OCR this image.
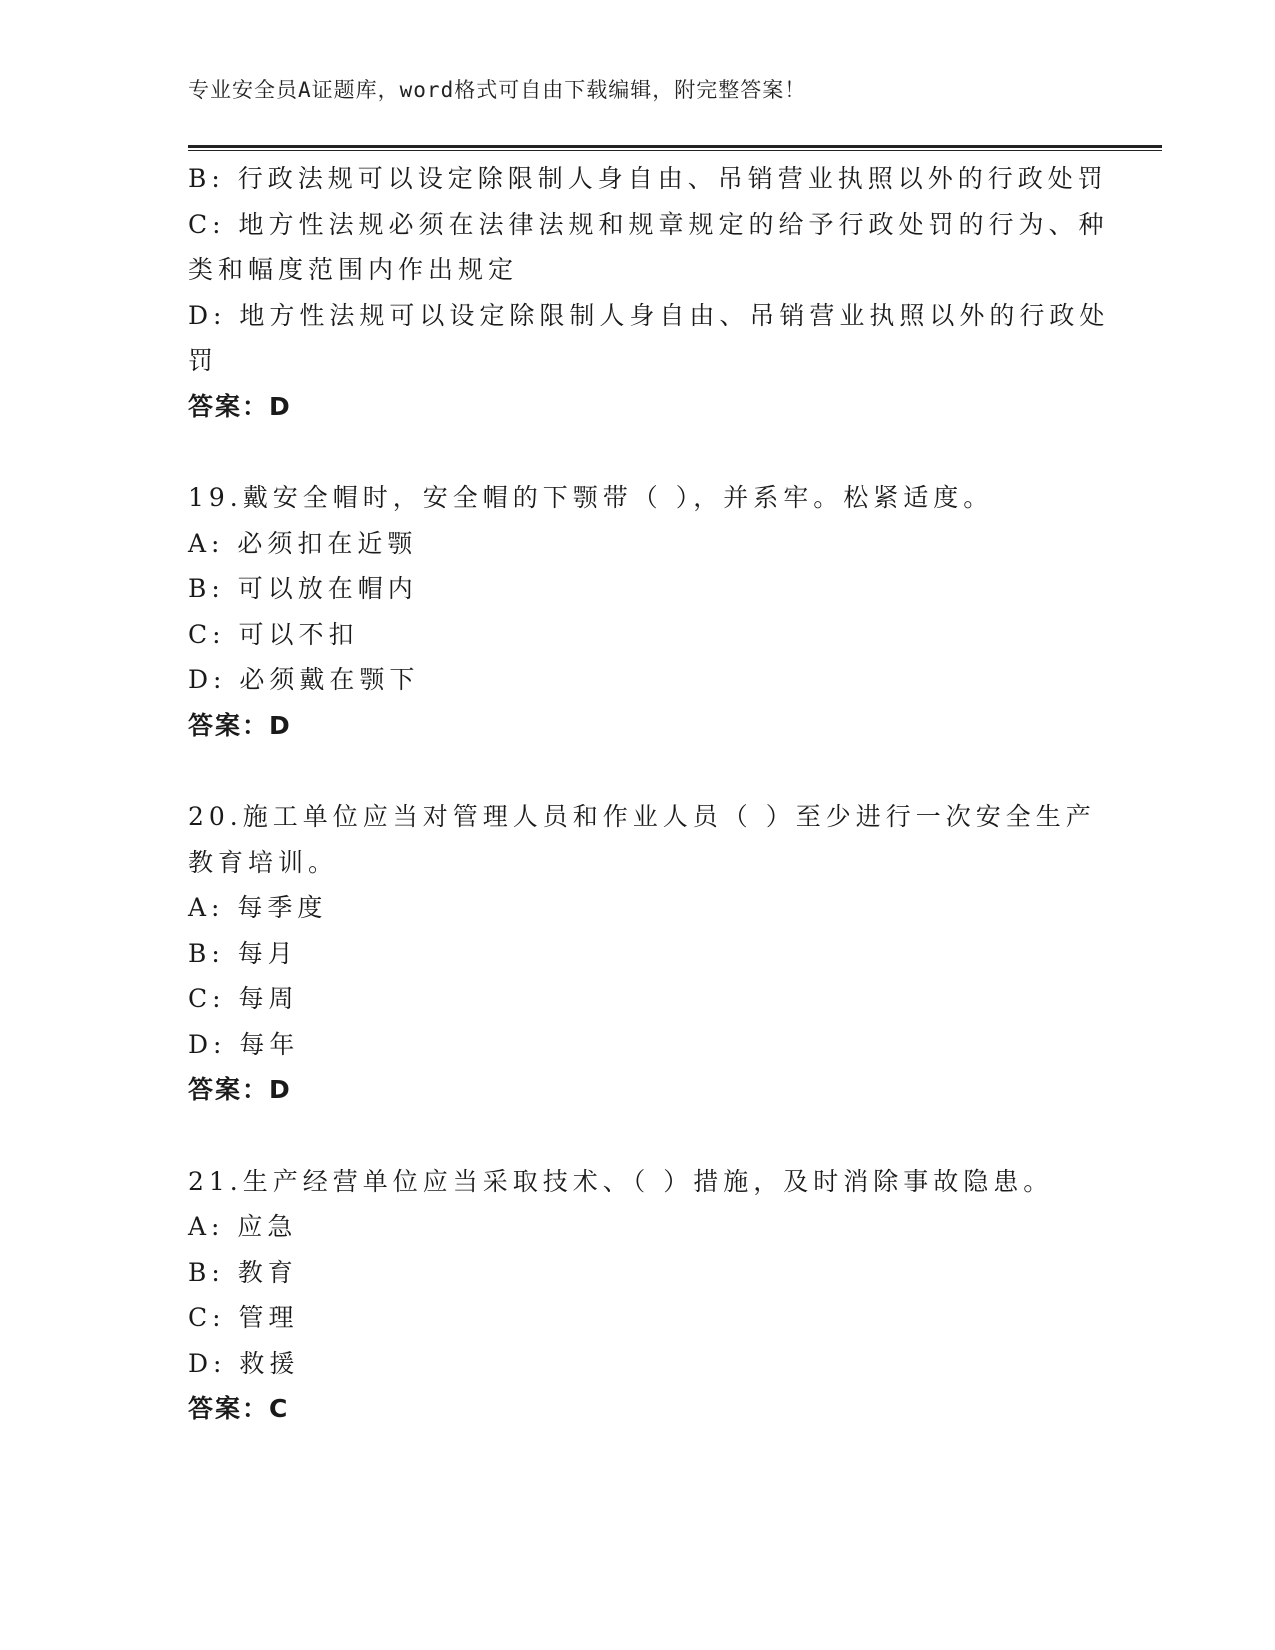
专业安全员A证题库，word格式可自由下载编辑，附完整答案！
B: 行政法规可以设定除限制人身自由、吊销营业执照以外的行政处罚
C: 地方性法规必须在法律法规和规章规定的给予行政处罚的行为、种
类和幅度范围内作出规定
D: 地方性法规可以设定除限制人身自由、吊销营业执照以外的行政处
罚
答案：D
19.戴安全帽时，安全帽的下颚带（ ），并系牢。松紧适度。
A: 必须扣在近颚
B: 可以放在帽内
C: 可以不扣
D: 必须戴在颚下
答案：D
20.施工单位应当对管理人员和作业人员（ ）至少进行一次安全生产
教育培训。
A: 每季度
B: 每月
C: 每周
D: 每年
答案：D
21.生产经营单位应当采取技术、（ ）措施，及时消除事故隐患。
A: 应急
B: 教育
C: 管理
D: 救援
答案：C
